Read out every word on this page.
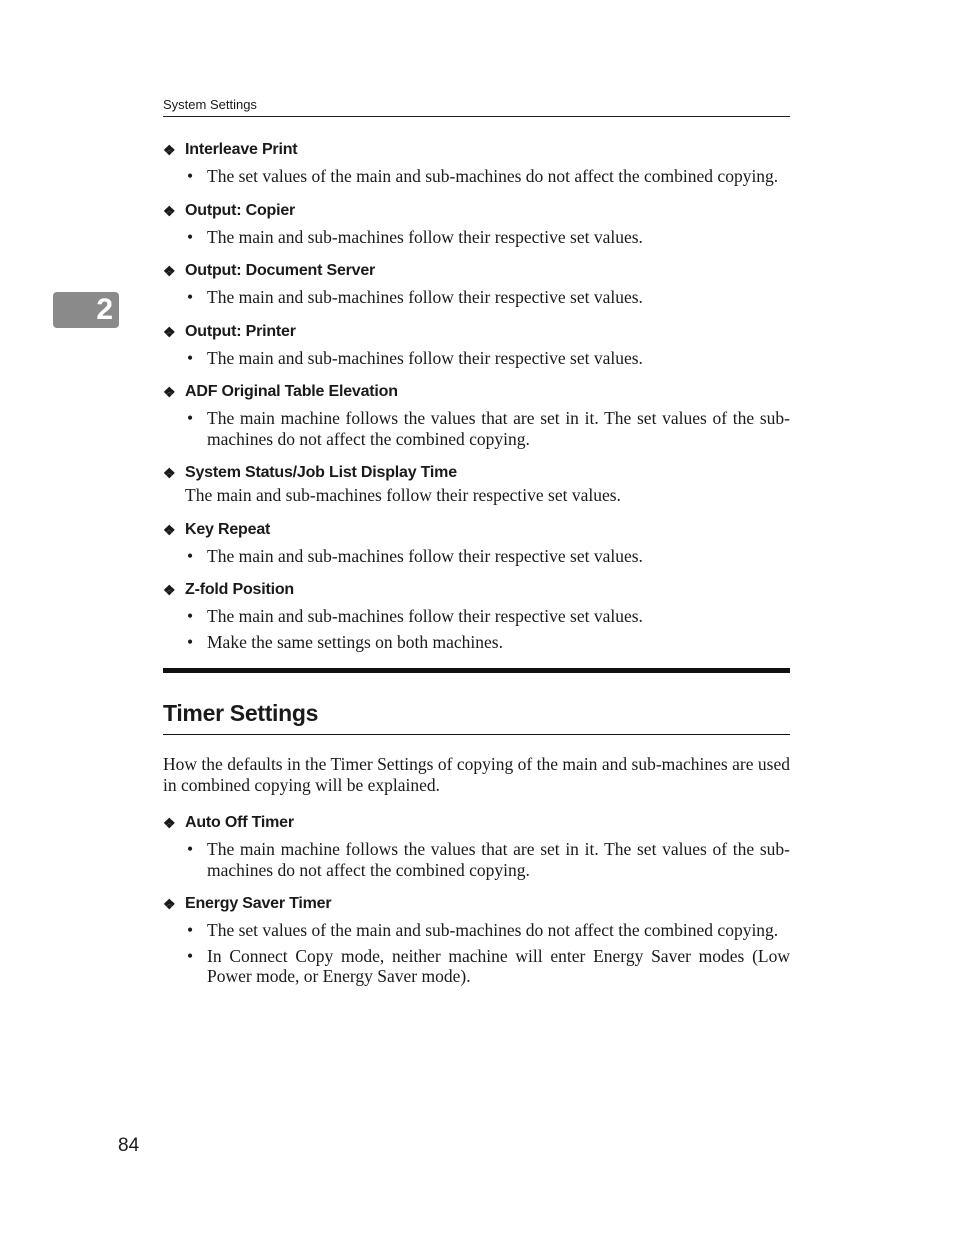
System Settings
2
❖ Interleave Print
• The set values of the main and sub-machines do not affect the combined copying.
❖ Output: Copier
• The main and sub-machines follow their respective set values.
❖ Output: Document Server
• The main and sub-machines follow their respective set values.
❖ Output: Printer
• The main and sub-machines follow their respective set values.
❖ ADF Original Table Elevation
• The main machine follows the values that are set in it. The set values of the sub-machines do not affect the combined copying.
❖ System Status/Job List Display Time
The main and sub-machines follow their respective set values.
❖ Key Repeat
• The main and sub-machines follow their respective set values.
❖ Z-fold Position
• The main and sub-machines follow their respective set values.
• Make the same settings on both machines.
Timer Settings
How the defaults in the Timer Settings of copying of the main and sub-machines are used in combined copying will be explained.
❖ Auto Off Timer
• The main machine follows the values that are set in it. The set values of the sub-machines do not affect the combined copying.
❖ Energy Saver Timer
• The set values of the main and sub-machines do not affect the combined copying.
• In Connect Copy mode, neither machine will enter Energy Saver modes (Low Power mode, or Energy Saver mode).
84
